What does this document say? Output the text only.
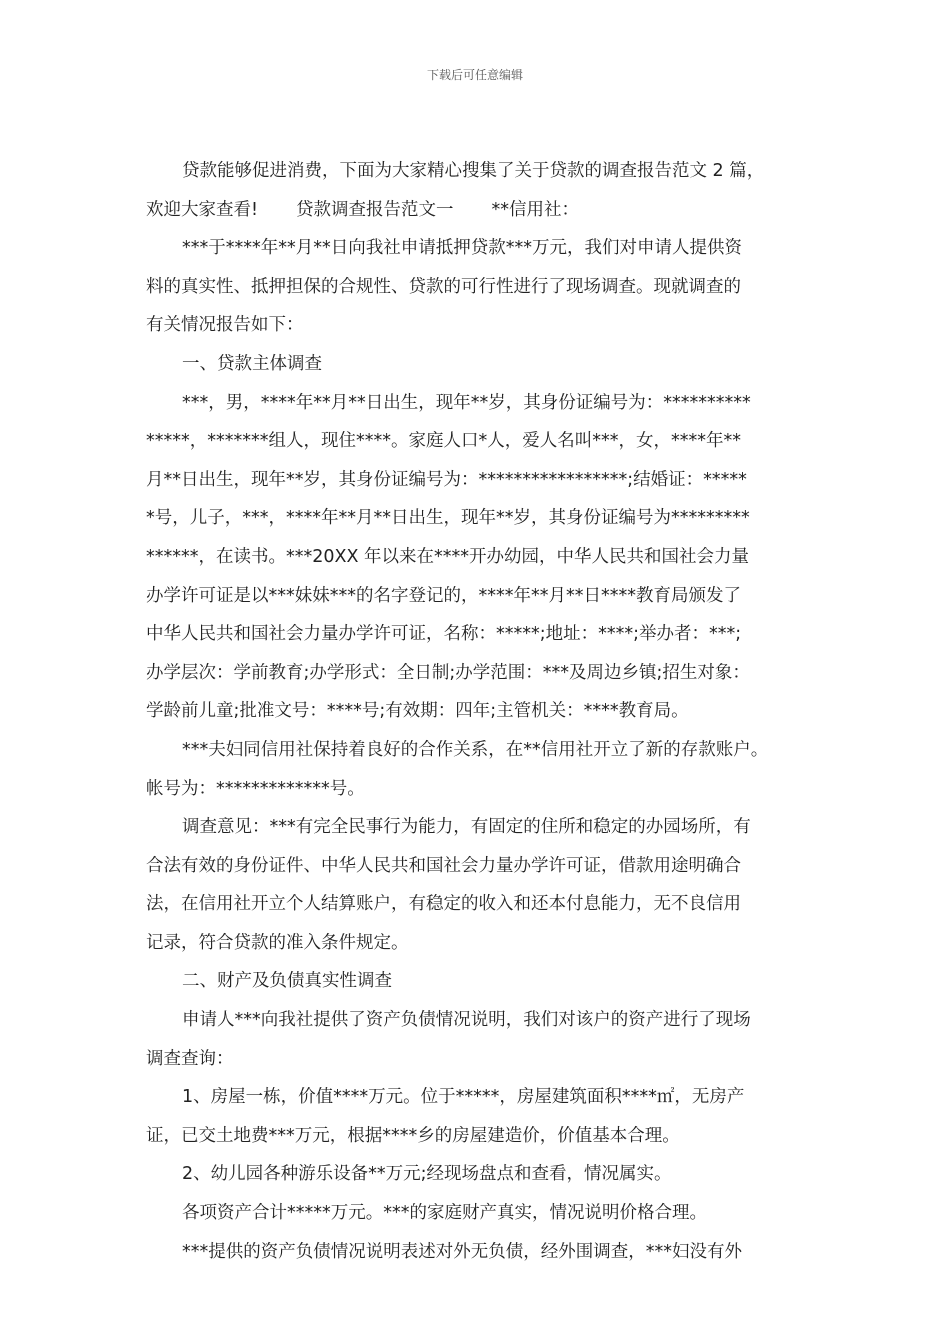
下载后可任意编辑
贷款能够促进消费，下面为大家精心搜集了关于贷款的调查报告范文 2 篇，
欢迎大家查看! 贷款调查报告范文一 **信用社：
***于****年**月**日向我社申请抵押贷款***万元，我们对申请人提供资
料的真实性、抵押担保的合规性、贷款的可行性进行了现场调查。现就调查的
有关情况报告如下：
一、贷款主体调查
***，男，****年**月**日出生，现年**岁，其身份证编号为：**********
*****，*******组人，现住****。家庭人口*人，爱人名叫***，女，****年**
月**日出生，现年**岁，其身份证编号为：*****************;结婚证：*****
*号，儿子，***，****年**月**日出生，现年**岁，其身份证编号为*********
******，在读书。***20XX 年以来在****开办幼园，中华人民共和国社会力量
办学许可证是以***妹妹***的名字登记的，****年**月**日****教育局颁发了
中华人民共和国社会力量办学许可证，名称：*****;地址：****;举办者：***;
办学层次：学前教育;办学形式：全日制;办学范围：***及周边乡镇;招生对象：
学龄前儿童;批准文号：****号;有效期：四年;主管机关：****教育局。
***夫妇同信用社保持着良好的合作关系，在**信用社开立了新的存款账户。
帐号为：*************号。
调查意见：***有完全民事行为能力，有固定的住所和稳定的办园场所，有
合法有效的身份证件、中华人民共和国社会力量办学许可证，借款用途明确合
法，在信用社开立个人结算账户，有稳定的收入和还本付息能力，无不良信用
记录，符合贷款的准入条件规定。
二、财产及负债真实性调查
申请人***向我社提供了资产负债情况说明，我们对该户的资产进行了现场
调查查询：
1、房屋一栋，价值****万元。位于*****，房屋建筑面积****㎡，无房产
证，已交土地费***万元，根据****乡的房屋建造价，价值基本合理。
2、幼儿园各种游乐设备**万元;经现场盘点和查看，情况属实。
各项资产合计*****万元。***的家庭财产真实，情况说明价格合理。
***提供的资产负债情况说明表述对外无负债，经外围调查，***妇没有外
